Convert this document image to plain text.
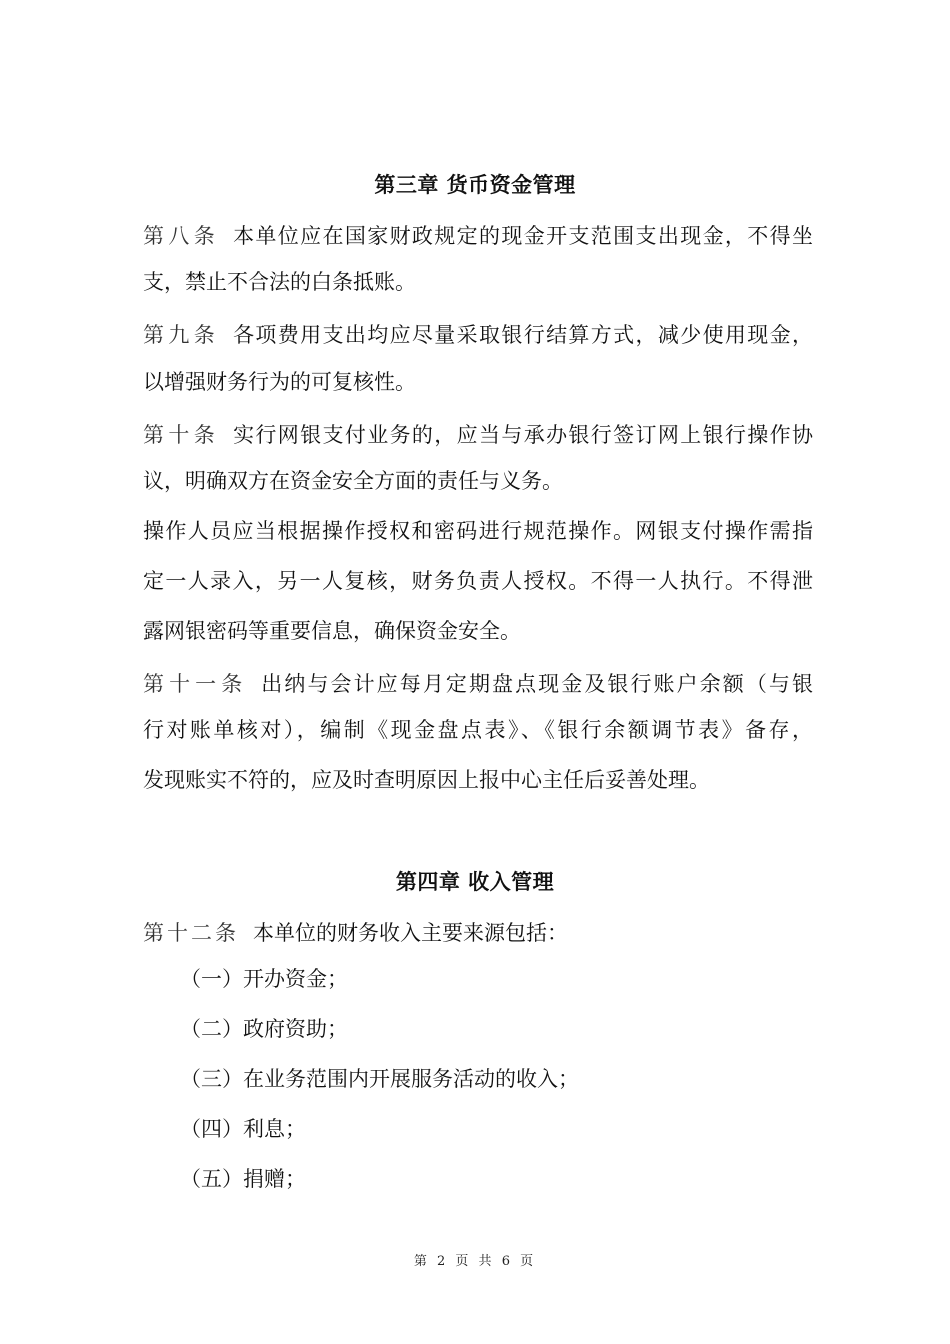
第三章 货币资金管理
第八条 本单位应在国家财政规定的现金开支范围支出现金，不得坐
支，禁止不合法的白条抵账。
第九条 各项费用支出均应尽量采取银行结算方式，减少使用现金，
以增强财务行为的可复核性。
第十条 实行网银支付业务的，应当与承办银行签订网上银行操作协
议，明确双方在资金安全方面的责任与义务。
操作人员应当根据操作授权和密码进行规范操作。网银支付操作需指
定一人录入，另一人复核，财务负责人授权。不得一人执行。不得泄
露网银密码等重要信息，确保资金安全。
第十一条 出纳与会计应每月定期盘点现金及银行账户余额（与银
行对账单核对），编制《现金盘点表》、《银行余额调节表》备存，
发现账实不符的，应及时查明原因上报中心主任后妥善处理。
第四章 收入管理
第十二条 本单位的财务收入主要来源包括：
（一）开办资金；
（二）政府资助；
（三）在业务范围内开展服务活动的收入；
（四）利息；
（五）捐赠；
第 2 页 共 6 页
